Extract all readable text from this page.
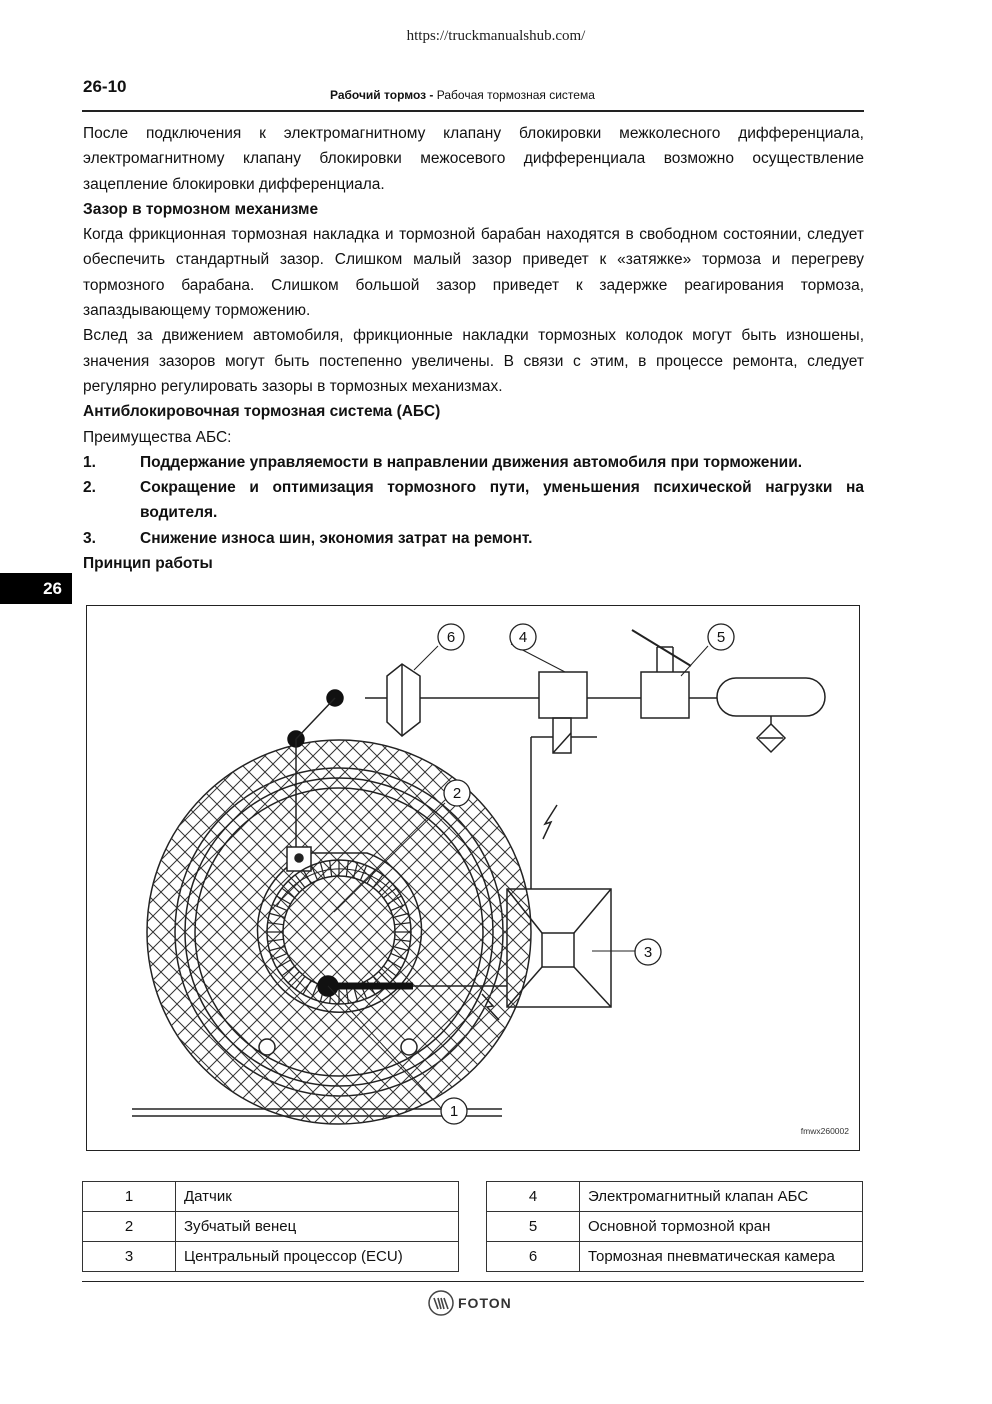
https://truckmanualshub.com/
26-10	Рабочий тормоз - Рабочая тормозная система

После подключения к электромагнитному клапану блокировки межколесного дифференциала, электромагнитному клапану блокировки межосевого дифференциала возможно осуществление зацепление блокировки дифференциала.

Зазор в тормозном механизме

Когда фрикционная тормозная накладка и тормозной барабан находятся в свободном состоянии, следует обеспечить стандартный зазор. Слишком малый зазор приведет к «затяжке» тормоза и перегреву тормозного барабана. Слишком большой зазор приведет к задержке реагирования тормоза, запаздывающему торможению.

Вслед за движением автомобиля, фрикционные накладки тормозных колодок могут быть изношены, значения зазоров могут быть постепенно увеличены. В связи с этим, в процессе ремонта, следует регулярно регулировать зазоры в тормозных механизмах.

Антиблокировочная тормозная система (АБС)

Преимущества АБС:

1.	Поддержание управляемости в направлении движения автомобиля при торможении.
2.	Сокращение и оптимизация тормозного пути, уменьшения психической нагрузки на водителя.
3.	Снижение износа шин, экономия затрат на ремонт.

Принцип работы

26
1
2
3
4	5
6
fmwx260002
1	Датчик
2	Зубчатый венец
3	Центральный процессор (ECU)
4	Электромагнитный клапан АБС
5	Основной тормозной кран
6	Тормозная пневматическая камера
FOTON
